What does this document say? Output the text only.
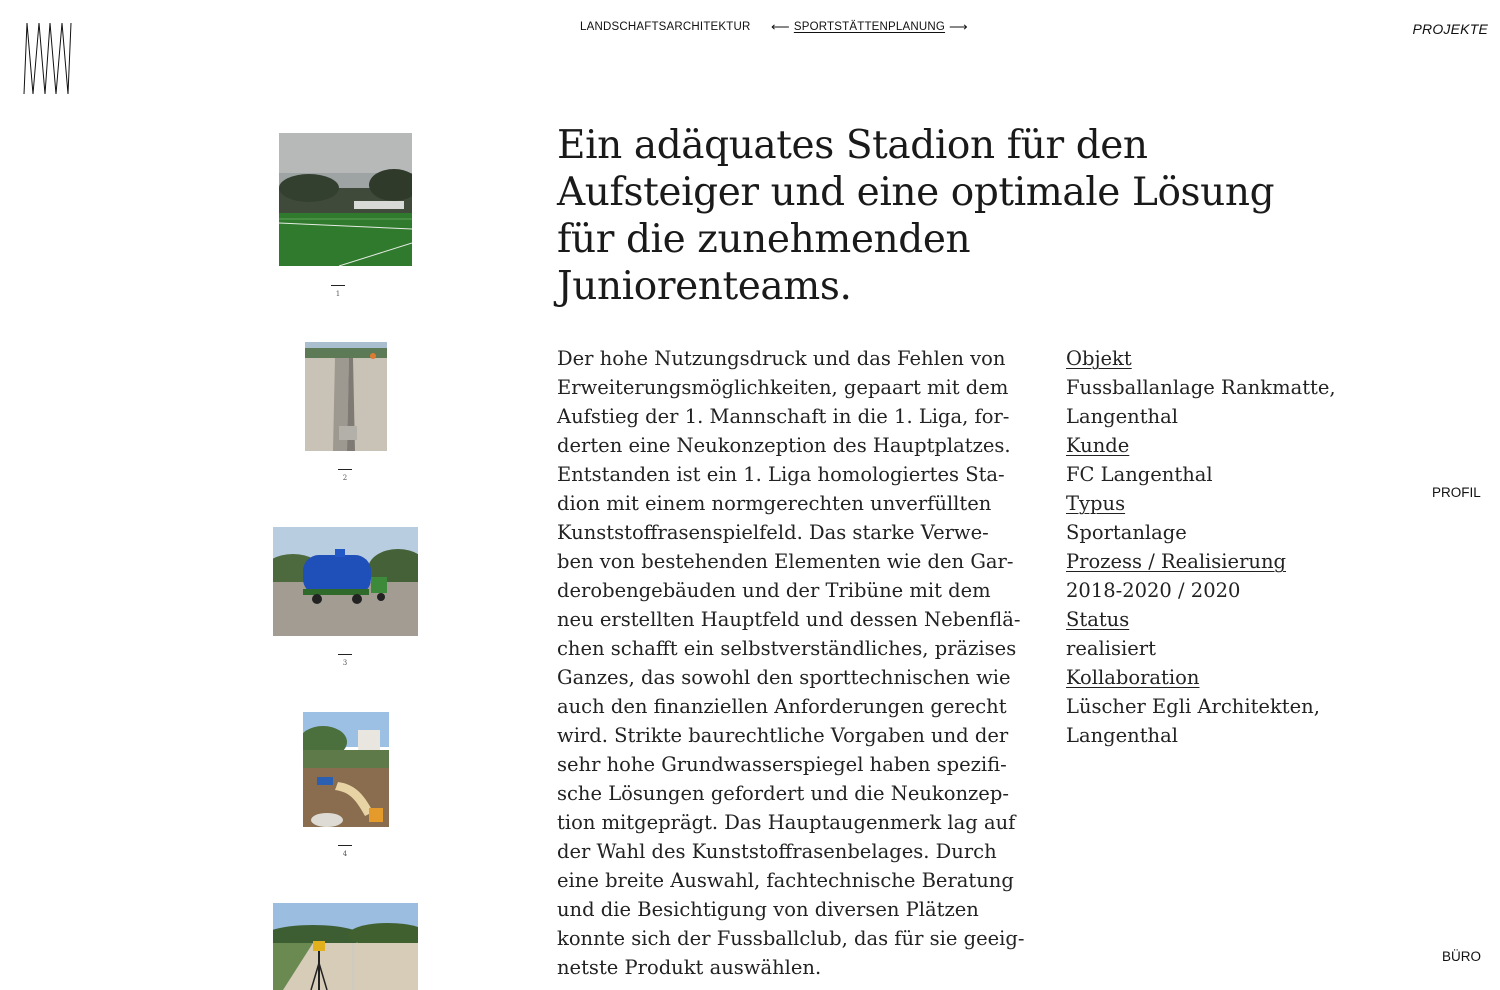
LANDSCHAFTSARCHITEKTUR ⟵ SPORTSTÄTTENPLANUNG ⟶	PROJEKTE
PROFIL
BÜRO
1
2
3
4
Ein adäquates Stadion für den
Aufsteiger und eine optimale Lösung
für die zunehmenden
Juniorenteams.
Der hohe Nutzungsdruck und das Fehlen von
Erweiterungsmöglichkeiten, gepaart mit dem
Aufstieg der 1. Mannschaft in die 1. Liga, for-
derten eine Neukonzeption des Hauptplatzes.
Entstanden ist ein 1. Liga homologiertes Sta-
dion mit einem normgerechten unverfüllten
Kunststoffrasenspielfeld. Das starke Verwe-
ben von bestehenden Elementen wie den Gar-
derobengebäuden und der Tribüne mit dem
neu erstellten Hauptfeld und dessen Nebenflä-
chen schafft ein selbstverständliches, präzises
Ganzes, das sowohl den sporttechnischen wie
auch den finanziellen Anforderungen gerecht
wird. Strikte baurechtliche Vorgaben und der
sehr hohe Grundwasserspiegel haben spezifi-
sche Lösungen gefordert und die Neukonzep-
tion mitgeprägt. Das Hauptaugenmerk lag auf
der Wahl des Kunststoffrasenbelages. Durch
eine breite Auswahl, fachtechnische Beratung
und die Besichtigung von diversen Plätzen
konnte sich der Fussballclub, das für sie geeig-
netste Produkt auswählen.
Objekt
Fussballanlage Rankmatte,
Langenthal
Kunde
FC Langenthal
Typus
Sportanlage
Prozess / Realisierung
2018-2020 / 2020
Status
realisiert
Kollaboration
Lüscher Egli Architekten,
Langenthal
